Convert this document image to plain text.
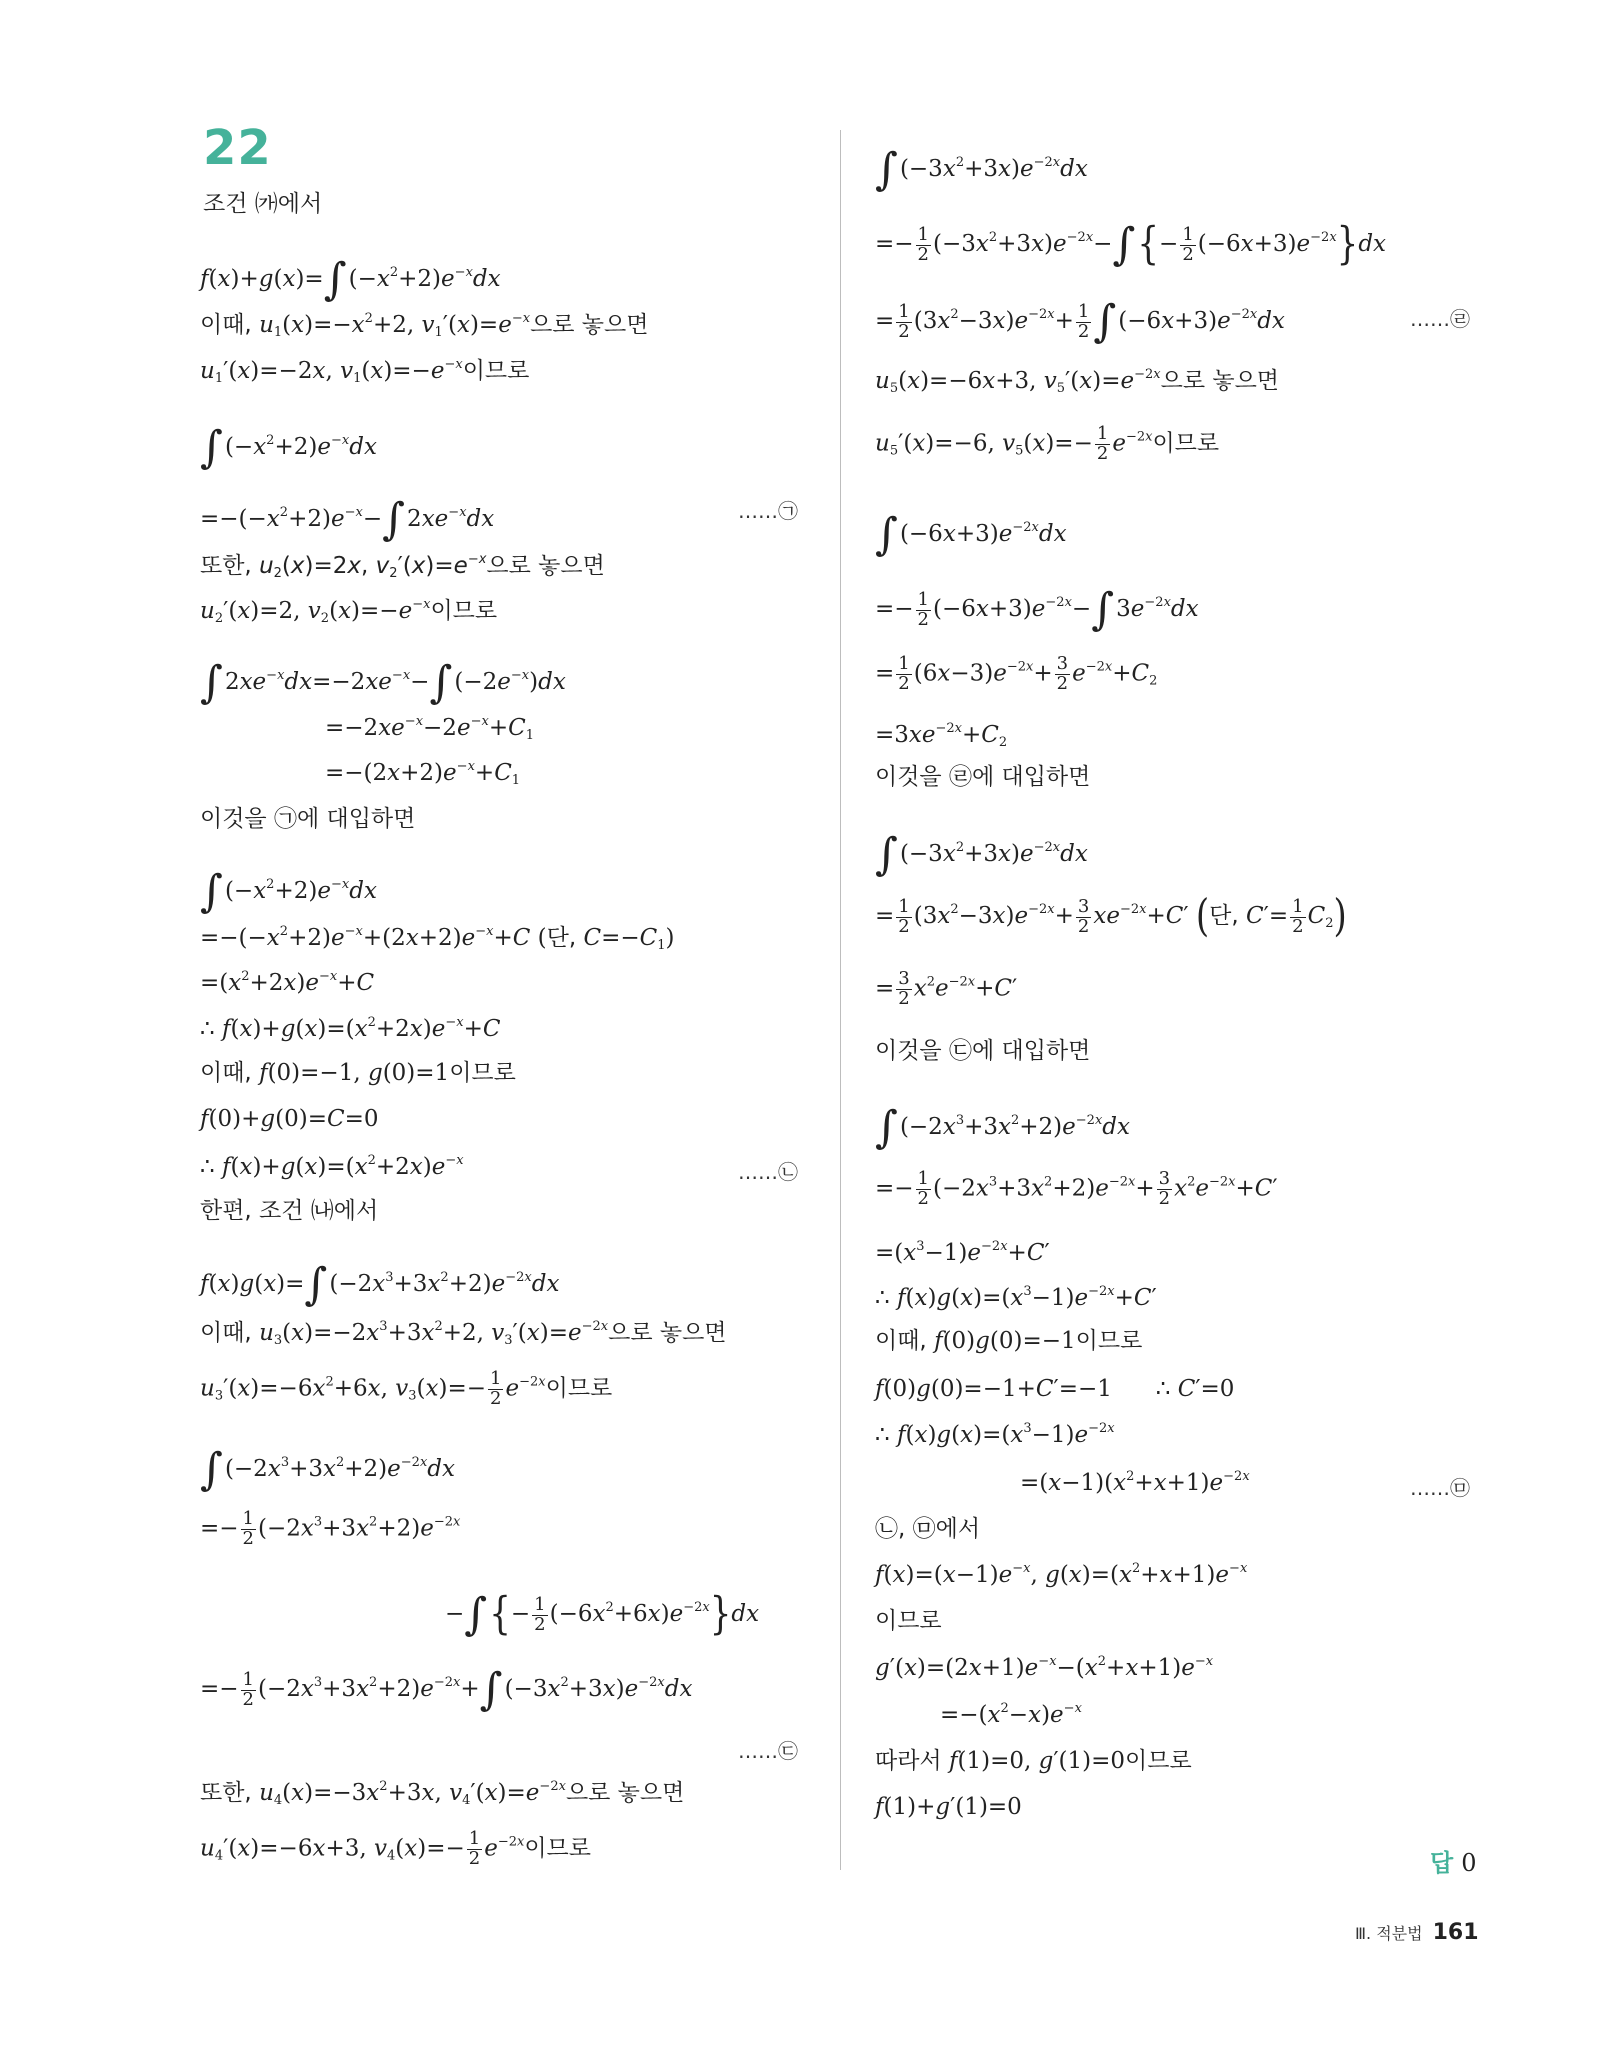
22
조건 ㈎에서
$f(x)+g(x)=\int(-x^2+2)e^{-x}dx$
이때, $u_1(x)=-x^2+2$, $v_1'(x)=e^{-x}$으로 놓으면
$u_1'(x)=-2x$, $v_1(x)=-e^{-x}$이므로
$\int(-x^2+2)e^{-x}dx$
$=-(-x^2+2)e^{-x}-\int 2xe^{-x}dx$	……㉠
또한, $u_2(x)=2x$, $v_2'(x)=e^{-x}$으로 놓으면
$u_2'(x)=2$, $v_2(x)=-e^{-x}$이므로
$\int 2xe^{-x}dx=-2xe^{-x}-\int(-2e^{-x})dx$
$=-2xe^{-x}-2e^{-x}+C_1$
$=-(2x+2)e^{-x}+C_1$
이것을 ㉠에 대입하면
$\int(-x^2+2)e^{-x}dx$
$=-(-x^2+2)e^{-x}+(2x+2)e^{-x}+C$ (단, $C=-C_1$)
$=(x^2+2x)e^{-x}+C$
∴ $f(x)+g(x)=(x^2+2x)e^{-x}+C$
이때, f(0)=−1, g(0)=1이므로
f(0)+g(0)=C=0
∴ $f(x)+g(x)=(x^2+2x)e^{-x}$	……㉡
한편, 조건 ㈏에서
$f(x)g(x)=\int(-2x^3+3x^2+2)e^{-2x}dx$
이때, $u_3(x)=-2x^3+3x^2+2$, $v_3'(x)=e^{-2x}$으로 놓으면
$u_3'(x)=-6x^2+6x$, $v_3(x)=- \frac{1}{2} e^{-2x}$이므로
$\int(-2x^3+3x^2+2)e^{-2x}dx$
=− $\frac{1}{2} (-2x^3+3x^2+2)e^{-2x}$
−∫{− $\frac{1}{2} (-6x^2+6x)e^{-2x}\}dx$
=− $\frac{1}{2} (-2x^3+3x^2+2)e^{-2x}+\int(-3x^2+3x)e^{-2x}dx$
……㉢
또한, $u_4(x)=-3x^2+3x$, $v_4'(x)=e^{-2x}$으로 놓으면
$u_4'(x)=-6x+3$, $v_4(x)=- \frac{1}{2} e^{-2x}$이므로
$\int(-3x^2+3x)e^{-2x}dx$
=− $\frac{1}{2} (-3x^2+3x)e^{-2x}-\int\{- \frac{1}{2} (-6x+3)e^{-2x}\}dx$
= $\frac{1}{2} (3x^2-3x)e^{-2x}+ \frac{1}{2} \int(-6x+3)e^{-2x}dx$	……㉣
$u_5(x)=-6x+3$, $v_5'(x)=e^{-2x}$으로 놓으면
$u_5'(x)=-6$, $v_5(x)=- \frac{1}{2} e^{-2x}$이므로
$\int(-6x+3)e^{-2x}dx$
=− $\frac{1}{2} (-6x+3)e^{-2x}-\int 3e^{-2x}dx$
= $\frac{1}{2} (6x-3)e^{-2x}+ \frac{3}{2} e^{-2x}+C_2$
$=3xe^{-2x}+C_2$
이것을 ㉣에 대입하면
$\int(-3x^2+3x)e^{-2x}dx$
= $\frac{1}{2} (3x^2-3x)e^{-2x}+ \frac{3}{2} xe^{-2x}+C'$ (단, $C'= \frac{1}{2} C_2$)
= $\frac{3}{2} x^2e^{-2x}+C'$
이것을 ㉢에 대입하면
$\int(-2x^3+3x^2+2)e^{-2x}dx$
=− $\frac{1}{2} (-2x^3+3x^2+2)e^{-2x}+ \frac{3}{2} x^2e^{-2x}+C'$
$=(x^3-1)e^{-2x}+C'$
∴ $f(x)g(x)=(x^3-1)e^{-2x}+C'$
이때, f(0)g(0)=−1이므로
f(0)g(0)=−1+C′=−1      ∴ C′=0
∴ $f(x)g(x)=(x^3-1)e^{-2x}$
$=(x-1)(x^2+x+1)e^{-2x}$	……㉤
㉡, ㉤에서
$f(x)=(x-1)e^{-x}$, $g(x)=(x^2+x+1)e^{-x}$
이므로
$g'(x)=(2x+1)e^{-x}-(x^2+x+1)e^{-x}$
$=-(x^2-x)e^{-x}$
따라서 f(1)=0, g′(1)=0이므로
f(1)+g′(1)=0
답 0
Ⅲ. 적분법 161
